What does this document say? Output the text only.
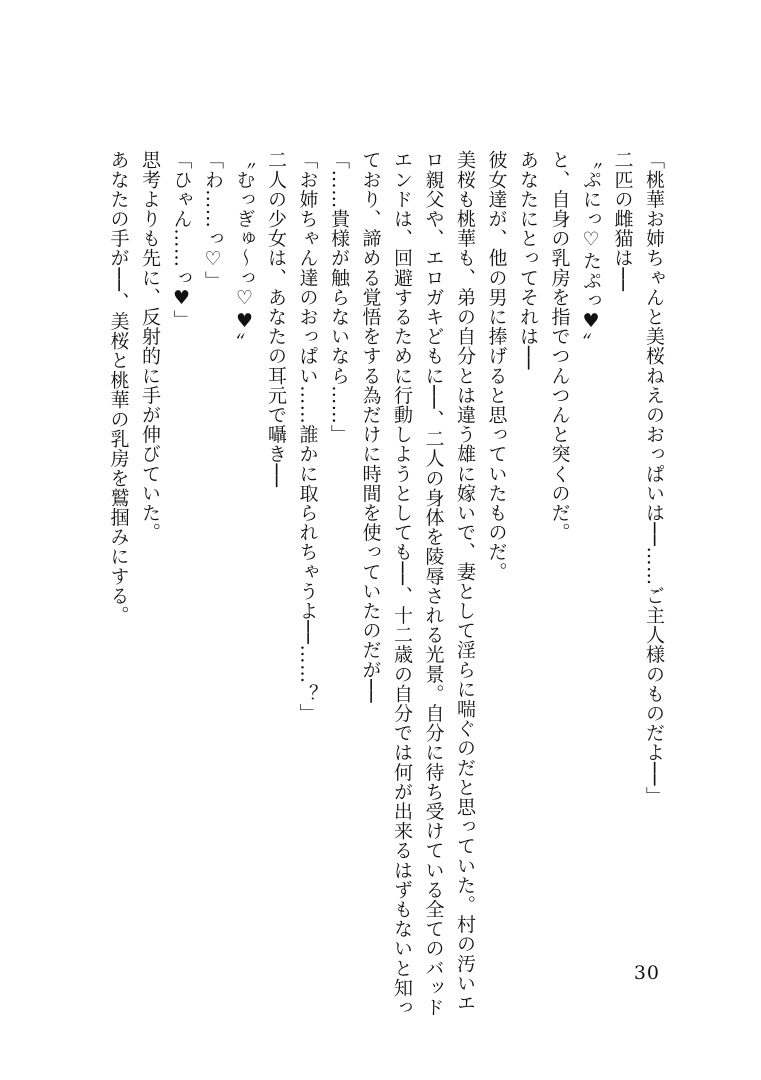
「桃華お姉ちゃんと美桜ねえのおっぱいは──……ご主人様のものだよ──」
二匹の雌猫は──
〝ぷにっ♡たぷっ♥〟
と、自身の乳房を指でつんつんと突くのだ。
あなたにとってそれは──
彼女達が、他の男に捧げると思っていたものだ。
美桜も桃華も、弟の自分とは違う雄に嫁いで、妻として淫らに喘ぐのだと思っていた。村の汚いエ
ロ親父や、エロガキどもに──、二人の身体を陵辱される光景。自分に待ち受けている全てのバッド
エンドは、回避するために行動しようとしても──、十二歳の自分では何が出来るはずもないと知っ
ており、諦める覚悟をする為だけに時間を使っていたのだが──
「……貴様が触らないなら……」
「お姉ちゃん達のおっぱい……誰かに取られちゃうよ──……？」
二人の少女は、あなたの耳元で囁き──
〝むっぎゅ～っ♡♥〟
「わ……っ♡」
「ひゃん……っ♥」
思考よりも先に、反射的に手が伸びていた。
あなたの手が──、美桜と桃華の乳房を鷲掴みにする。
30
